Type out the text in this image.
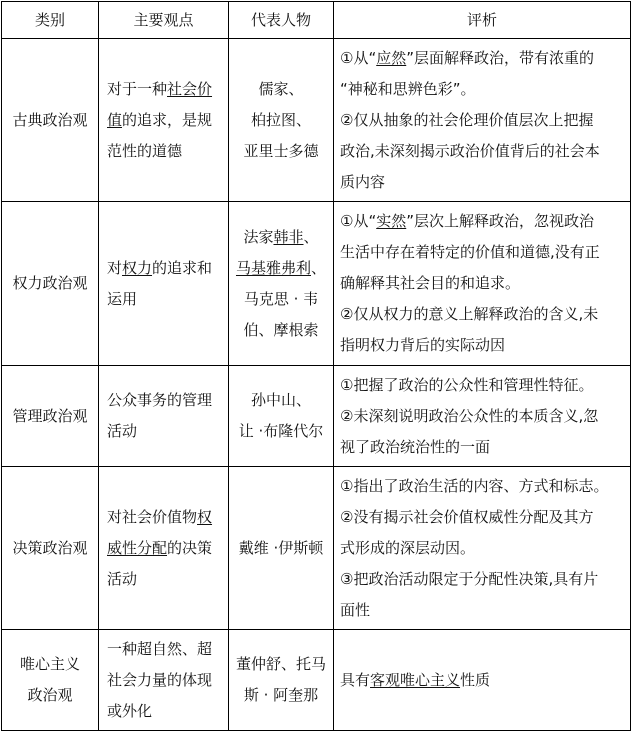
类别	主要观点	代表人物	评析

古典政治观	对于一种社会价
值的追求，是规
范性的道德	儒家、
柏拉图、
亚里士多德	①从“应然”层面解释政治，带有浓重的
“神秘和思辨色彩”。
②仅从抽象的社会伦理价值层次上把握
政治,未深刻揭示政治价值背后的社会本
质内容

权力政治观	对权力的追求和
运用	法家韩非、
马基雅弗利、
马克思 · 韦
伯、摩根索	①从“实然”层次上解释政治，忽视政治
生活中存在着特定的价值和道德,没有正
确解释其社会目的和追求。
②仅从权力的意义上解释政治的含义,未
指明权力背后的实际动因

管理政治观	公众事务的管理
活动	孙中山、
让 ·布隆代尔	①把握了政治的公众性和管理性特征。
②未深刻说明政治公众性的本质含义,忽
视了政治统治性的一面

决策政治观	对社会价值物权
威性分配的决策
活动	戴维 ·伊斯顿	①指出了政治生活的内容、方式和标志。
②没有揭示社会价值权威性分配及其方
式形成的深层动因。
③把政治活动限定于分配性决策,具有片
面性

唯心主义
政治观	一种超自然、超
社会力量的体现
或外化	董仲舒、托马
斯 · 阿奎那	具有客观唯心主义性质
